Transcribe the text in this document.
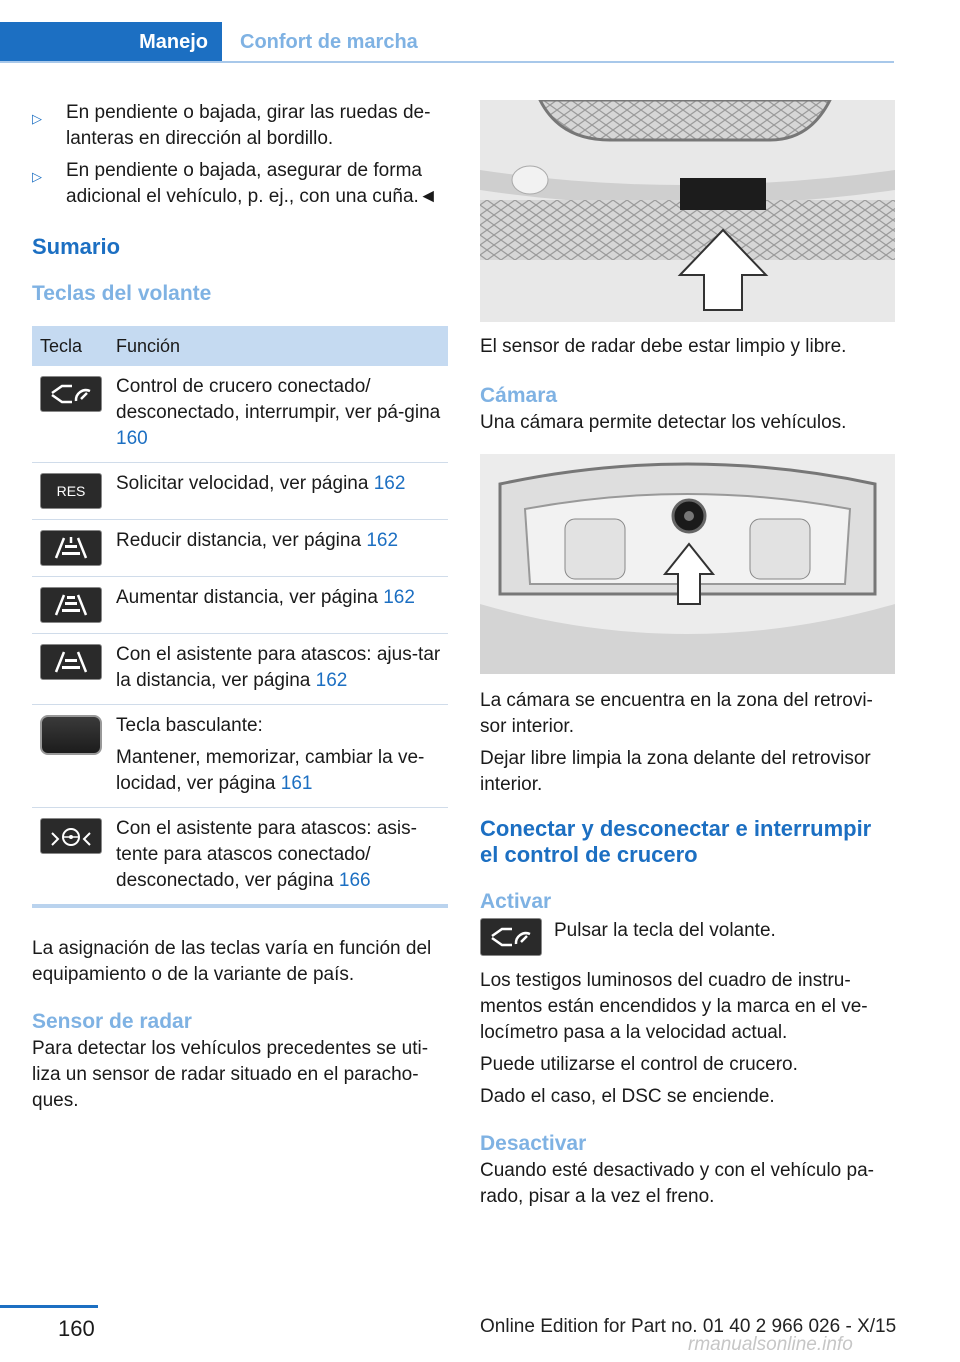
Manejo	Confort de marcha
▷ En pendiente o bajada, girar las ruedas de-lanteras en dirección al bordillo.
▷ En pendiente o bajada, asegurar de forma adicional el vehículo, p. ej., con una cuña.◄
Sumario
Teclas del volante
Tecla	Función
Control de crucero conectado/ desconectado, interrumpir, ver pá-gina 160
RES Solicitar velocidad, ver página 162
Reducir distancia, ver página 162
Aumentar distancia, ver página 162
Con el asistente para atascos: ajus-tar la distancia, ver página 162

Tecla basculante:

Mantener, memorizar, cambiar la ve-locidad, ver página 161

Con el asistente para atascos: asis-tente para atascos conectado/ desconectado, ver página 166

La asignación de las teclas varía en función del equipamiento o de la variante de país.

Sensor de radar

Para detectar los vehículos precedentes se uti-liza un sensor de radar situado en el paracho-ques.

El sensor de radar debe estar limpio y libre.

Cámara

Una cámara permite detectar los vehículos.

La cámara se encuentra en la zona del retrovi-sor interior.

Dejar libre limpia la zona delante del retrovisor interior.

Conectar y desconectar e interrumpir el control de crucero
Activar

Pulsar la tecla del volante.

Los testigos luminosos del cuadro de instru-mentos están encendidos y la marca en el ve-locímetro pasa a la velocidad actual.

Puede utilizarse el control de crucero.

Dado el caso, el DSC se enciende.

Desactivar

Cuando esté desactivado y con el vehículo pa-rado, pisar a la vez el freno.

160	Online Edition for Part no. 01 40 2 966 026 - X/15
rmanualsonline.info
